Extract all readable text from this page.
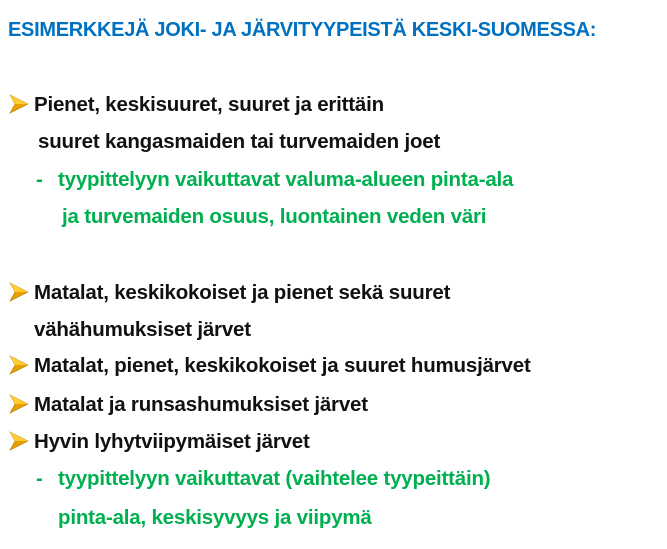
ESIMERKKEJÄ JOKI- JA JÄRVITYYPEISTÄ KESKI-SUOMESSA:
Pienet, keskisuuret, suuret ja erittäin
suuret kangasmaiden tai turvemaiden joet
- tyypittelyyn vaikuttavat valuma-alueen pinta-ala
ja turvemaiden osuus, luontainen veden väri
Matalat, keskikokoiset ja pienet sekä suuret
vähähumuksiset järvet
Matalat, pienet, keskikokoiset ja suuret humusjärvet
Matalat ja runsashumuksiset järvet
Hyvin lyhytviipymäiset järvet
- tyypittelyyn vaikuttavat (vaihtelee tyypeittäin)
pinta-ala, keskisyvyys ja viipymä
